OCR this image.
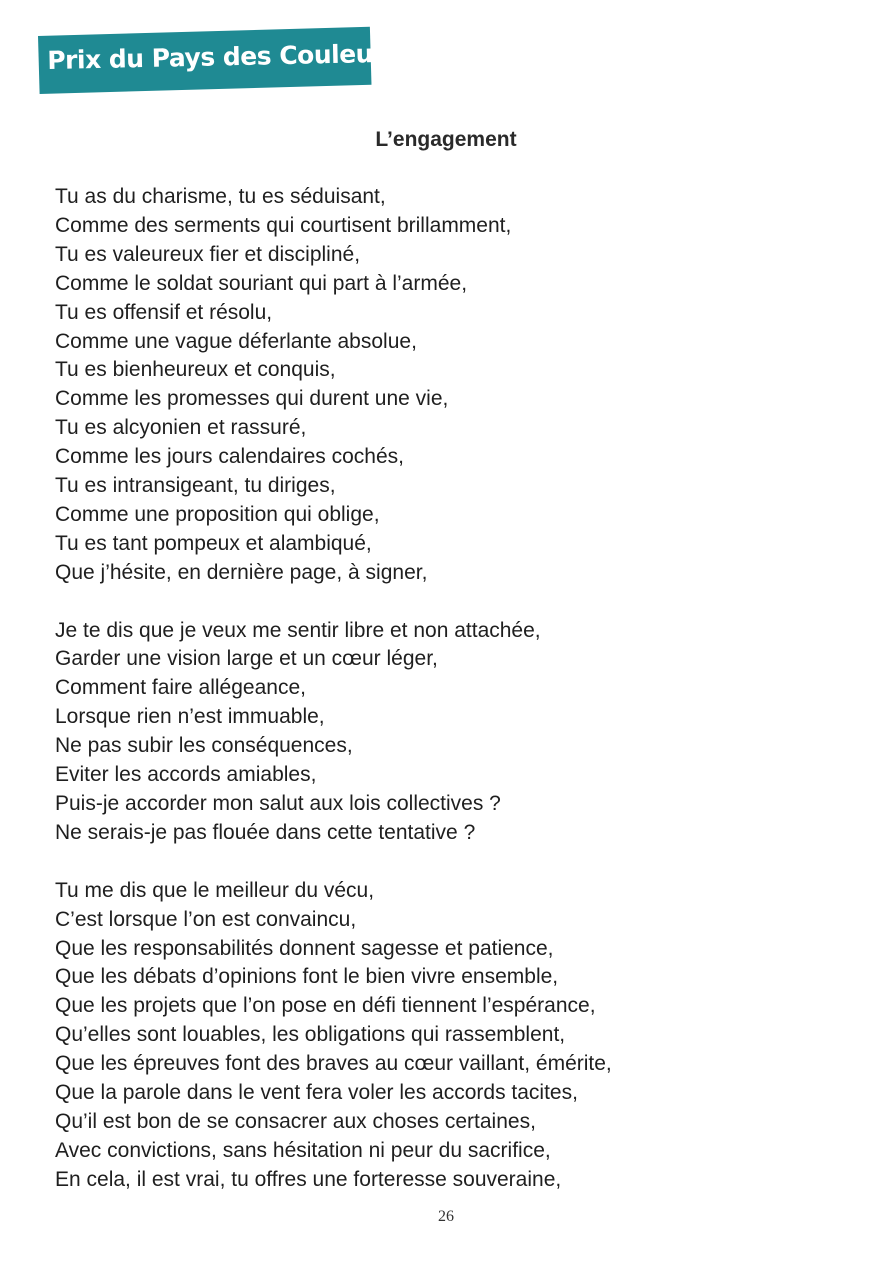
Prix du Pays des Couleurs
L’engagement
Tu as du charisme, tu es séduisant,
Comme des serments qui courtisent brillamment,
Tu es valeureux fier et discipliné,
Comme le soldat souriant qui part à l’armée,
Tu es offensif et résolu,
Comme une vague déferlante absolue,
Tu es bienheureux et conquis,
Comme les promesses qui durent une vie,
Tu es alcyonien et rassuré,
Comme les jours calendaires cochés,
Tu es intransigeant, tu diriges,
Comme une proposition qui oblige,
Tu es tant pompeux et alambiqué,
Que j’hésite, en dernière page, à signer,
Je te dis que je veux me sentir libre et non attachée,
Garder une vision large et un cœur léger,
Comment faire allégeance,
Lorsque rien n’est immuable,
Ne pas subir les conséquences,
Eviter les accords amiables,
Puis-je accorder mon salut aux lois collectives ?
Ne serais-je pas flouée dans cette tentative ?
Tu me dis que le meilleur du vécu,
C’est lorsque l’on est convaincu,
Que les responsabilités donnent sagesse et patience,
Que les débats d’opinions font le bien vivre ensemble,
Que les projets que l’on pose en défi tiennent l’espérance,
Qu’elles sont louables, les obligations qui rassemblent,
Que les épreuves font des braves au cœur vaillant, émérite,
Que la parole dans le vent fera voler les accords tacites,
Qu’il est bon de se consacrer aux choses certaines,
Avec convictions, sans hésitation ni peur du sacrifice,
En cela, il est vrai, tu offres une forteresse souveraine,
26
